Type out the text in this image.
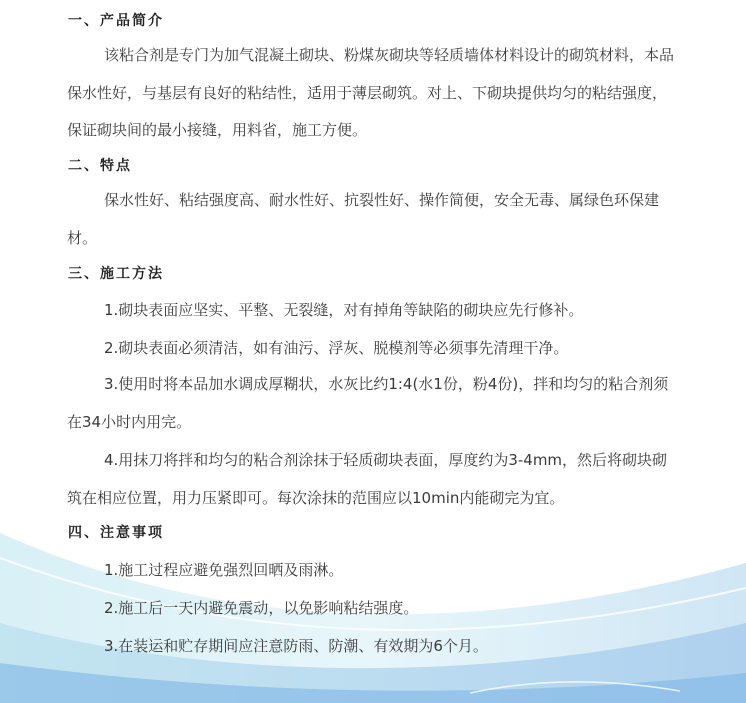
一、产品简介

该粘合剂是专门为加气混凝土砌块、粉煤灰砌块等轻质墙体材料设计的砌筑材料，本品保水性好，与基层有良好的粘结性，适用于薄层砌筑。对上、下砌块提供均匀的粘结强度，保证砌块间的最小接缝，用料省，施工方便。

二、特点

保水性好、粘结强度高、耐水性好、抗裂性好、操作简便，安全无毒、属绿色环保建材。

三、施工方法
1.砌块表面应坚实、平整、无裂缝，对有掉角等缺陷的砌块应先行修补。
2.砌块表面必须清洁，如有油污、浮灰、脱模剂等必须事先清理干净。

3.使用时将本品加水调成厚糊状，水灰比约1:4(水1份，粉4份)，拌和均匀的粘合剂须在34小时内用完。

4.用抹刀将拌和均匀的粘合剂涂抹于轻质砌块表面，厚度约为3-4mm，然后将砌块砌筑在相应位置，用力压紧即可。每次涂抹的范围应以10min内能砌完为宜。

四、注意事项
1.施工过程应避免强烈回晒及雨淋。
2.施工后一天内避免震动，以免影响粘结强度。
3.在装运和贮存期间应注意防雨、防潮、有效期为6个月。
